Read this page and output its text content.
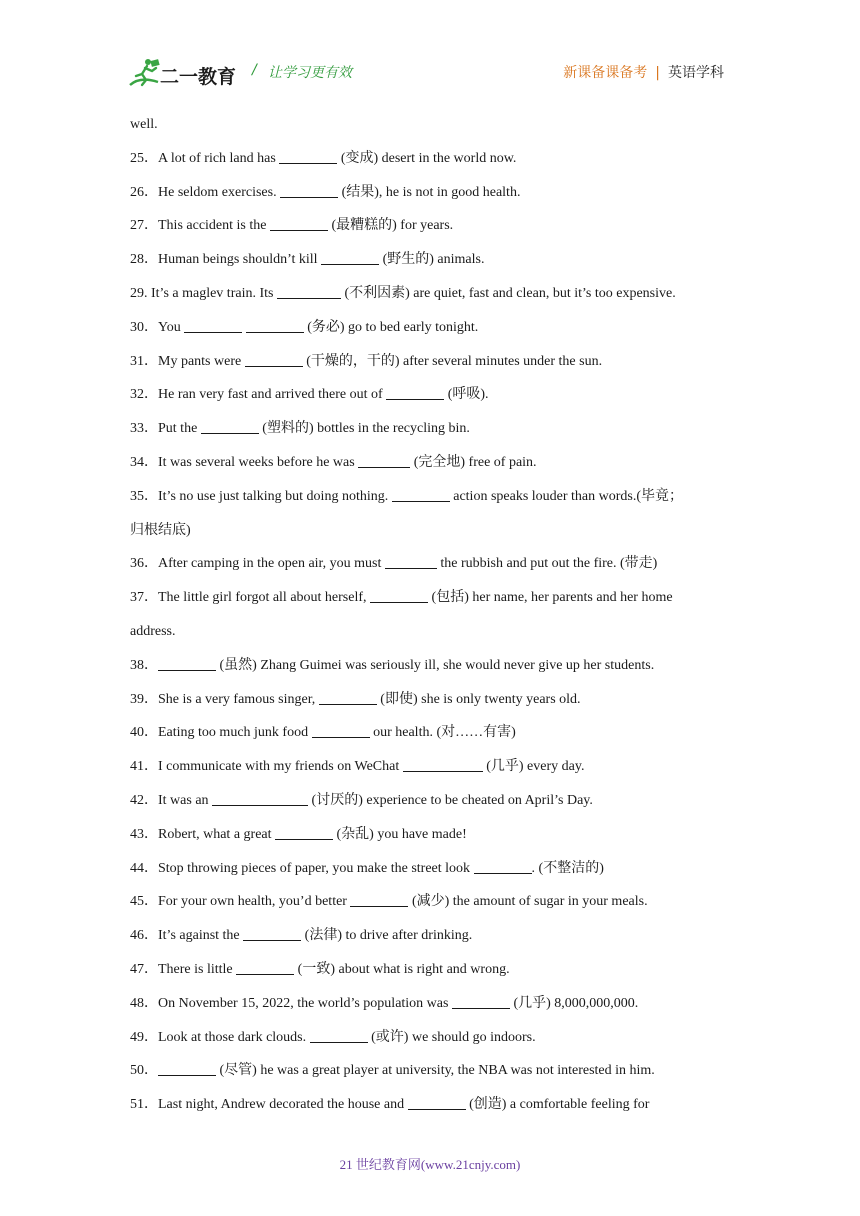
二一教育 / 让学习更有效	新课备课备考 | 英语学科
well.
25．A lot of rich land has	(变成) desert in the world now.
26．He seldom exercises.	(结果), he is not in good health.
27．This accident is the	(最糟糕的) for years.
28．Human beings shouldn’t kill	(野生的) animals.
29. It’s a maglev train. Its	(不利因素) are quiet, fast and clean, but it’s too expensive.
30．You	(务必) go to bed early tonight.
31．My pants were	(干燥的，干的) after several minutes under the sun.
32．He ran very fast and arrived there out of	(呼吸).
33．Put the	(塑料的) bottles in the recycling bin.
34．It was several weeks before he was	(完全地) free of pain.
35．It’s no use just talking but doing nothing.	action speaks louder than words.(毕竟；
归根结底)
36．After camping in the open air, you must	the rubbish and put out the fire. (带走)
37．The little girl forgot all about herself,	(包括) her name, her parents and her home
address.
38．	(虽然) Zhang Guimei was seriously ill, she would never give up her students.
39．She is a very famous singer,	(即使) she is only twenty years old.
40．Eating too much junk food	our health. (对……有害)
41．I communicate with my friends on WeChat	(几乎) every day.
42．It was an	(讨厌的) experience to be cheated on April’s Day.
43．Robert, what a great	(杂乱) you have made!
44．Stop throwing pieces of paper, you make the street look	. (不整洁的)
45．For your own health, you’d better	(减少) the amount of sugar in your meals.
46．It’s against the	(法律) to drive after drinking.
47．There is little	(一致) about what is right and wrong.
48．On November 15, 2022, the world’s population was	(几乎) 8,000,000,000.
49．Look at those dark clouds.	(或许) we should go indoors.
50．	(尽管) he was a great player at university, the NBA was not interested in him.
51．Last night, Andrew decorated the house and	(创造) a comfortable feeling for
21 世纪教育网(www.21cnjy.com)
